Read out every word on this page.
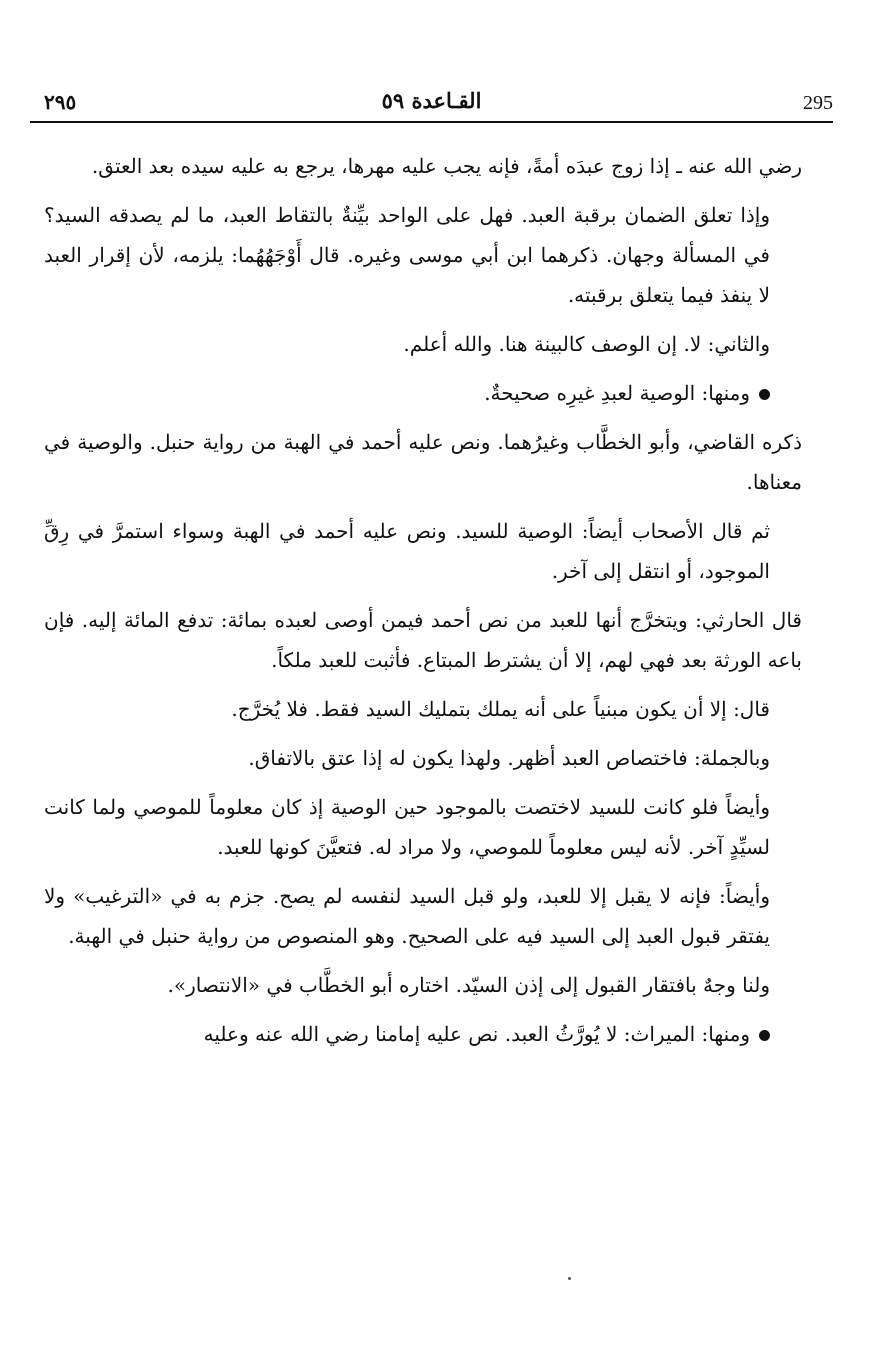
٢٩٥	القـاعدة ٥٩	295

رضي الله عنه ـ إذا زوج عبدَه أمةً، فإنه يجب عليه مهرها، يرجع به عليه سيده بعد العتق.

وإذا تعلق الضمان برقبة العبد. فهل على الواحد بيِّنةٌ بالتقاط العبد، ما لم يصدقه السيد؟ في المسألة وجهان. ذكرهما ابن أبي موسى وغيره. قال أَوْجَهُهُما: يلزمه، لأن إقرار العبد لا ينفذ فيما يتعلق برقبته.

والثاني: لا. إن الوصف كالبينة هنا. والله أعلم.

ومنها: الوصية لعبدِ غيرِه صحيحةٌ.

ذكره القاضي، وأبو الخطَّاب وغيرُهما. ونص عليه أحمد في الهبة من رواية حنبل. والوصية في معناها.

ثم قال الأصحاب أيضاً: الوصية للسيد. ونص عليه أحمد في الهبة وسواء استمرَّ في رِقِّ الموجود، أو انتقل إلى آخر.

قال الحارثي: ويتخرَّج أنها للعبد من نص أحمد فيمن أوصى لعبده بمائة: تدفع المائة إليه. فإن باعه الورثة بعد فهي لهم، إلا أن يشترط المبتاع. فأثبت للعبد ملكاً.

قال: إلا أن يكون مبنياً على أنه يملك بتمليك السيد فقط. فلا يُخرَّج.

وبالجملة: فاختصاص العبد أظهر. ولهذا يكون له إذا عتق بالاتفاق.

وأيضاً فلو كانت للسيد لاختصت بالموجود حين الوصية إذ كان معلوماً للموصي ولما كانت لسيِّدٍ آخر. لأنه ليس معلوماً للموصي، ولا مراد له. فتعيَّنَ كونها للعبد.

وأيضاً: فإنه لا يقبل إلا للعبد، ولو قبل السيد لنفسه لم يصح. جزم به في «الترغيب» ولا يفتقر قبول العبد إلى السيد فيه على الصحيح. وهو المنصوص من رواية حنبل في الهبة.

ولنا وجهٌ بافتقار القبول إلى إذن السيّد. اختاره أبو الخطَّاب في «الانتصار».

ومنها: الميراث: لا يُورَّثُ العبد. نص عليه إمامنا رضي الله عنه وعليه
